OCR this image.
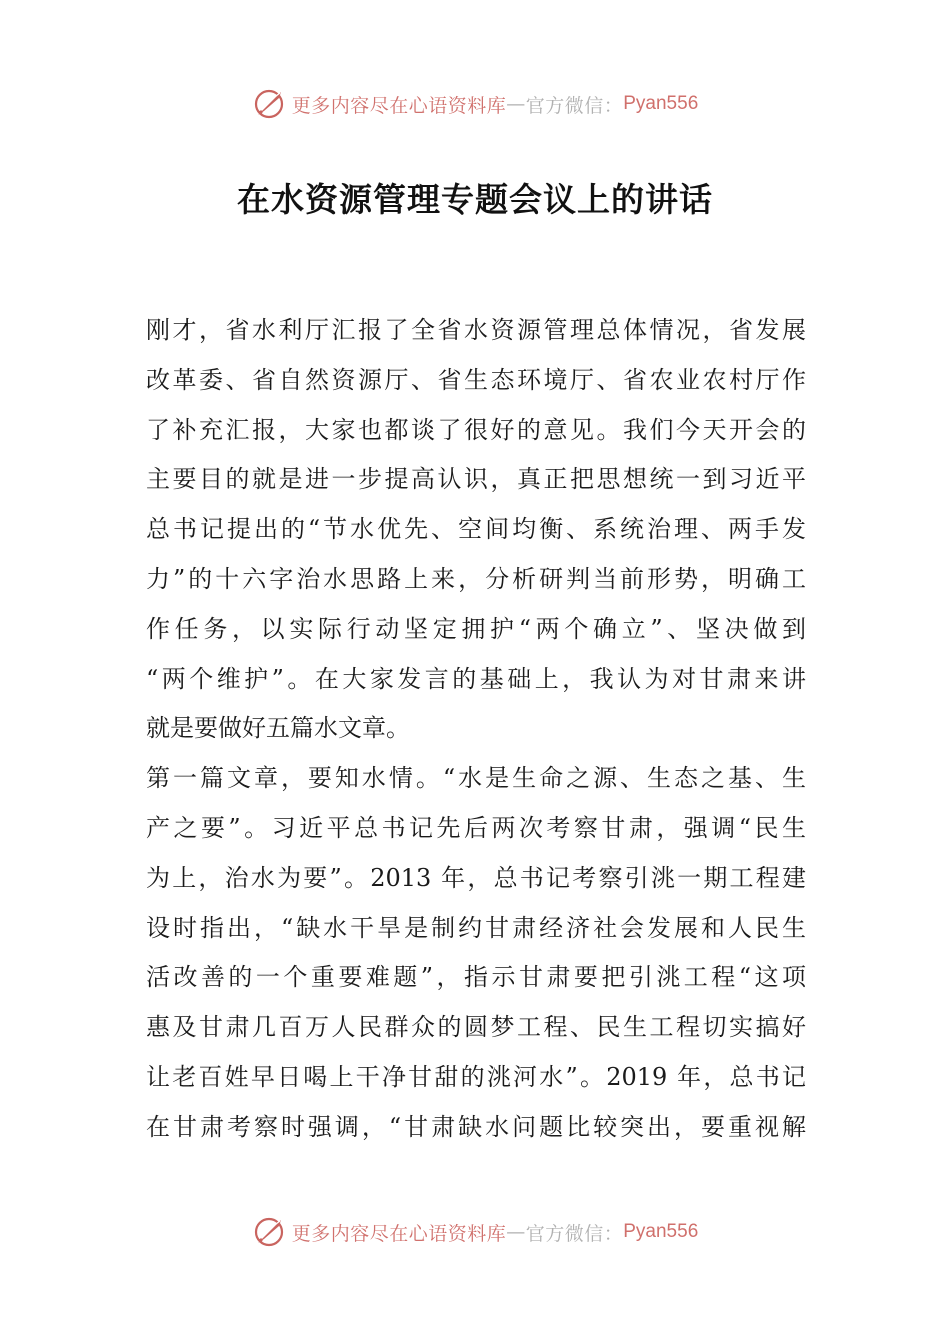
更多内容尽在心语资料库 — 官方微信： Pyan556
在水资源管理专题会议上的讲话
刚才，省水利厅汇报了全省水资源管理总体情况，省发展
改革委、省自然资源厅、省生态环境厅、省农业农村厅作
了补充汇报，大家也都谈了很好的意见。我们今天开会的
主要目的就是进一步提高认识，真正把思想统一到习近平
总书记提出的“节水优先、空间均衡、系统治理、两手发
力”的十六字治水思路上来，分析研判当前形势，明确工
作任务，以实际行动坚定拥护“两个确立”、坚决做到
“两个维护”。在大家发言的基础上，我认为对甘肃来讲
就是要做好五篇水文章。
第一篇文章，要知水情。“水是生命之源、生态之基、生
产之要”。习近平总书记先后两次考察甘肃，强调“民生
为上，治水为要”。2013 年，总书记考察引洮一期工程建
设时指出，“缺水干旱是制约甘肃经济社会发展和人民生
活改善的一个重要难题”，指示甘肃要把引洮工程“这项
惠及甘肃几百万人民群众的圆梦工程、民生工程切实搞好
让老百姓早日喝上干净甘甜的洮河水”。2019 年，总书记
在甘肃考察时强调，“甘肃缺水问题比较突出，要重视解
更多内容尽在心语资料库 — 官方微信： Pyan556
